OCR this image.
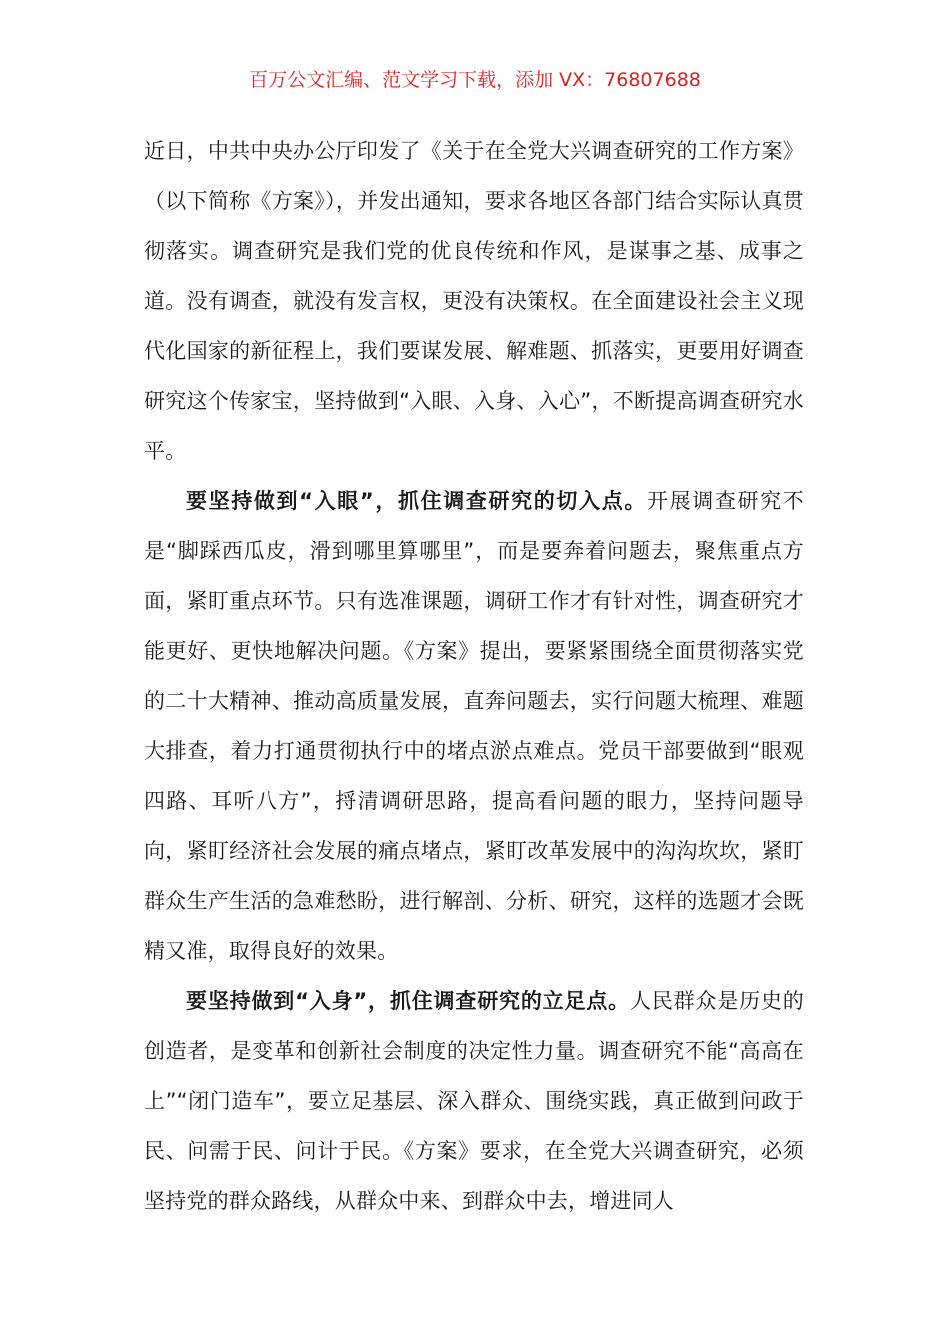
百万公文汇编、范文学习下载，添加 VX：76807688

近日，中共中央办公厅印发了《关于在全党大兴调查研究的工作方案》（以下简称《方案》），并发出通知，要求各地区各部门结合实际认真贯彻落实。调查研究是我们党的优良传统和作风，是谋事之基、成事之道。没有调查，就没有发言权，更没有决策权。在全面建设社会主义现代化国家的新征程上，我们要谋发展、解难题、抓落实，更要用好调查研究这个传家宝，坚持做到“入眼、入身、入心”，不断提高调查研究水平。

要坚持做到“入眼”，抓住调查研究的切入点。开展调查研究不是“脚踩西瓜皮，滑到哪里算哪里”，而是要奔着问题去，聚焦重点方面，紧盯重点环节。只有选准课题，调研工作才有针对性，调查研究才能更好、更快地解决问题。《方案》提出，要紧紧围绕全面贯彻落实党的二十大精神、推动高质量发展，直奔问题去，实行问题大梳理、难题大排查，着力打通贯彻执行中的堵点淤点难点。党员干部要做到“眼观四路、耳听八方”，捋清调研思路，提高看问题的眼力，坚持问题导向，紧盯经济社会发展的痛点堵点，紧盯改革发展中的沟沟坎坎，紧盯群众生产生活的急难愁盼，进行解剖、分析、研究，这样的选题才会既精又准，取得良好的效果。

要坚持做到“入身”，抓住调查研究的立足点。人民群众是历史的创造者，是变革和创新社会制度的决定性力量。调查研究不能“高高在上”“闭门造车”，要立足基层、深入群众、围绕实践，真正做到问政于民、问需于民、问计于民。《方案》要求，在全党大兴调查研究，必须坚持党的群众路线，从群众中来、到群众中去，增进同人
